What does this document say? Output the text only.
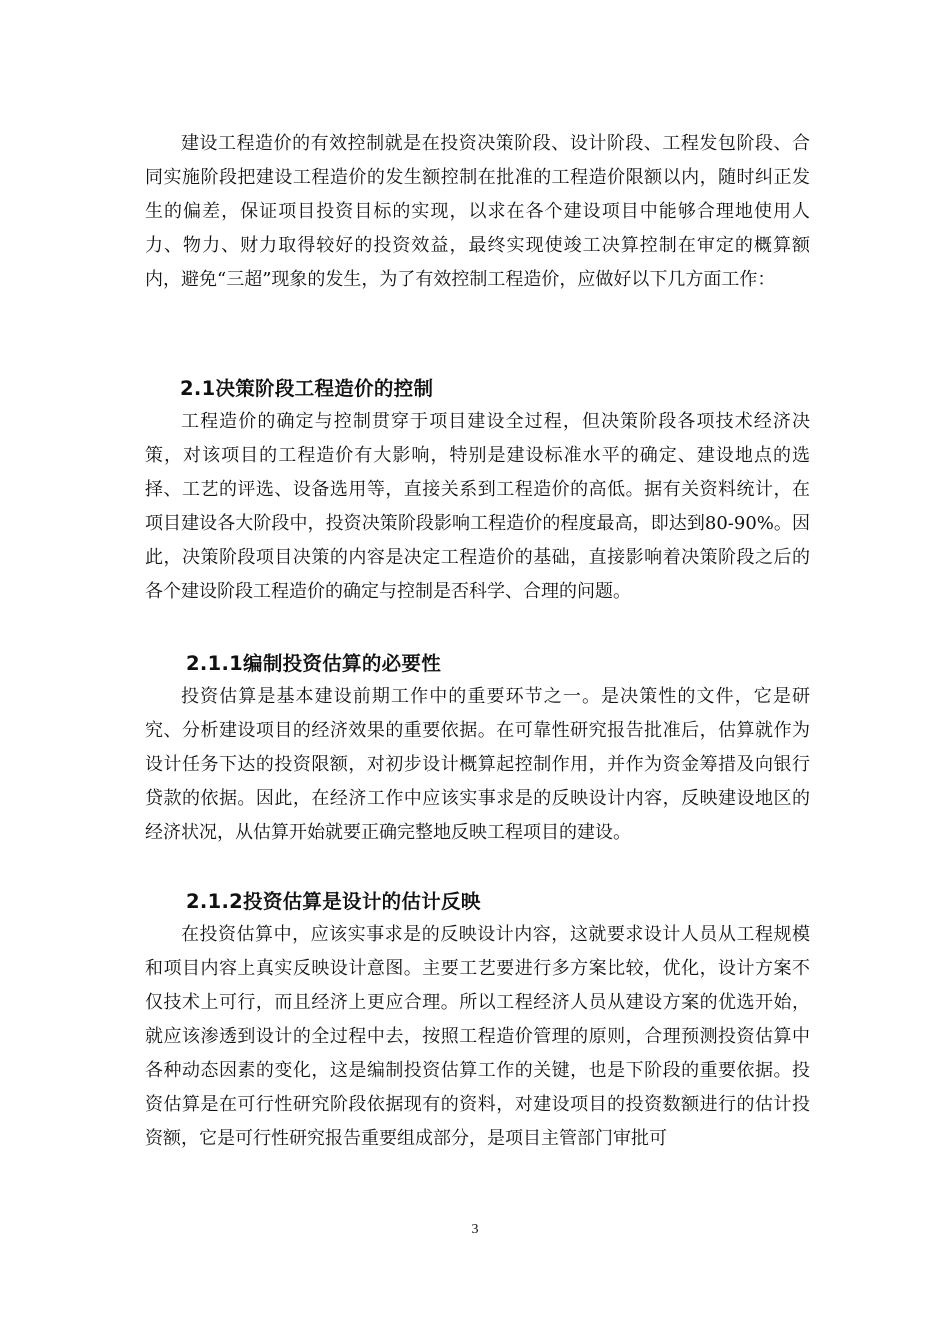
建设工程造价的有效控制就是在投资决策阶段、设计阶段、工程发包阶段、合同实施阶段把建设工程造价的发生额控制在批准的工程造价限额以内，随时纠正发生的偏差，保证项目投资目标的实现，以求在各个建设项目中能够合理地使用人力、物力、财力取得较好的投资效益，最终实现使竣工决算控制在审定的概算额内，避免“三超”现象的发生，为了有效控制工程造价，应做好以下几方面工作：

2.1决策阶段工程造价的控制

工程造价的确定与控制贯穿于项目建设全过程，但决策阶段各项技术经济决策，对该项目的工程造价有大影响，特别是建设标准水平的确定、建设地点的选择、工艺的评选、设备选用等，直接关系到工程造价的高低。据有关资料统计，在项目建设各大阶段中，投资决策阶段影响工程造价的程度最高，即达到80-90%。因此，决策阶段项目决策的内容是决定工程造价的基础，直接影响着决策阶段之后的各个建设阶段工程造价的确定与控制是否科学、合理的问题。

2.1.1编制投资估算的必要性

投资估算是基本建设前期工作中的重要环节之一。是决策性的文件，它是研究、分析建设项目的经济效果的重要依据。在可靠性研究报告批准后，估算就作为设计任务下达的投资限额，对初步设计概算起控制作用，并作为资金筹措及向银行贷款的依据。因此，在经济工作中应该实事求是的反映设计内容，反映建设地区的经济状况，从估算开始就要正确完整地反映工程项目的建设。

2.1.2投资估算是设计的估计反映

在投资估算中，应该实事求是的反映设计内容，这就要求设计人员从工程规模和项目内容上真实反映设计意图。主要工艺要进行多方案比较，优化，设计方案不仅技术上可行，而且经济上更应合理。所以工程经济人员从建设方案的优选开始，就应该渗透到设计的全过程中去，按照工程造价管理的原则，合理预测投资估算中各种动态因素的变化，这是编制投资估算工作的关键，也是下阶段的重要依据。投资估算是在可行性研究阶段依据现有的资料，对建设项目的投资数额进行的估计投资额，它是可行性研究报告重要组成部分，是项目主管部门审批可

3
